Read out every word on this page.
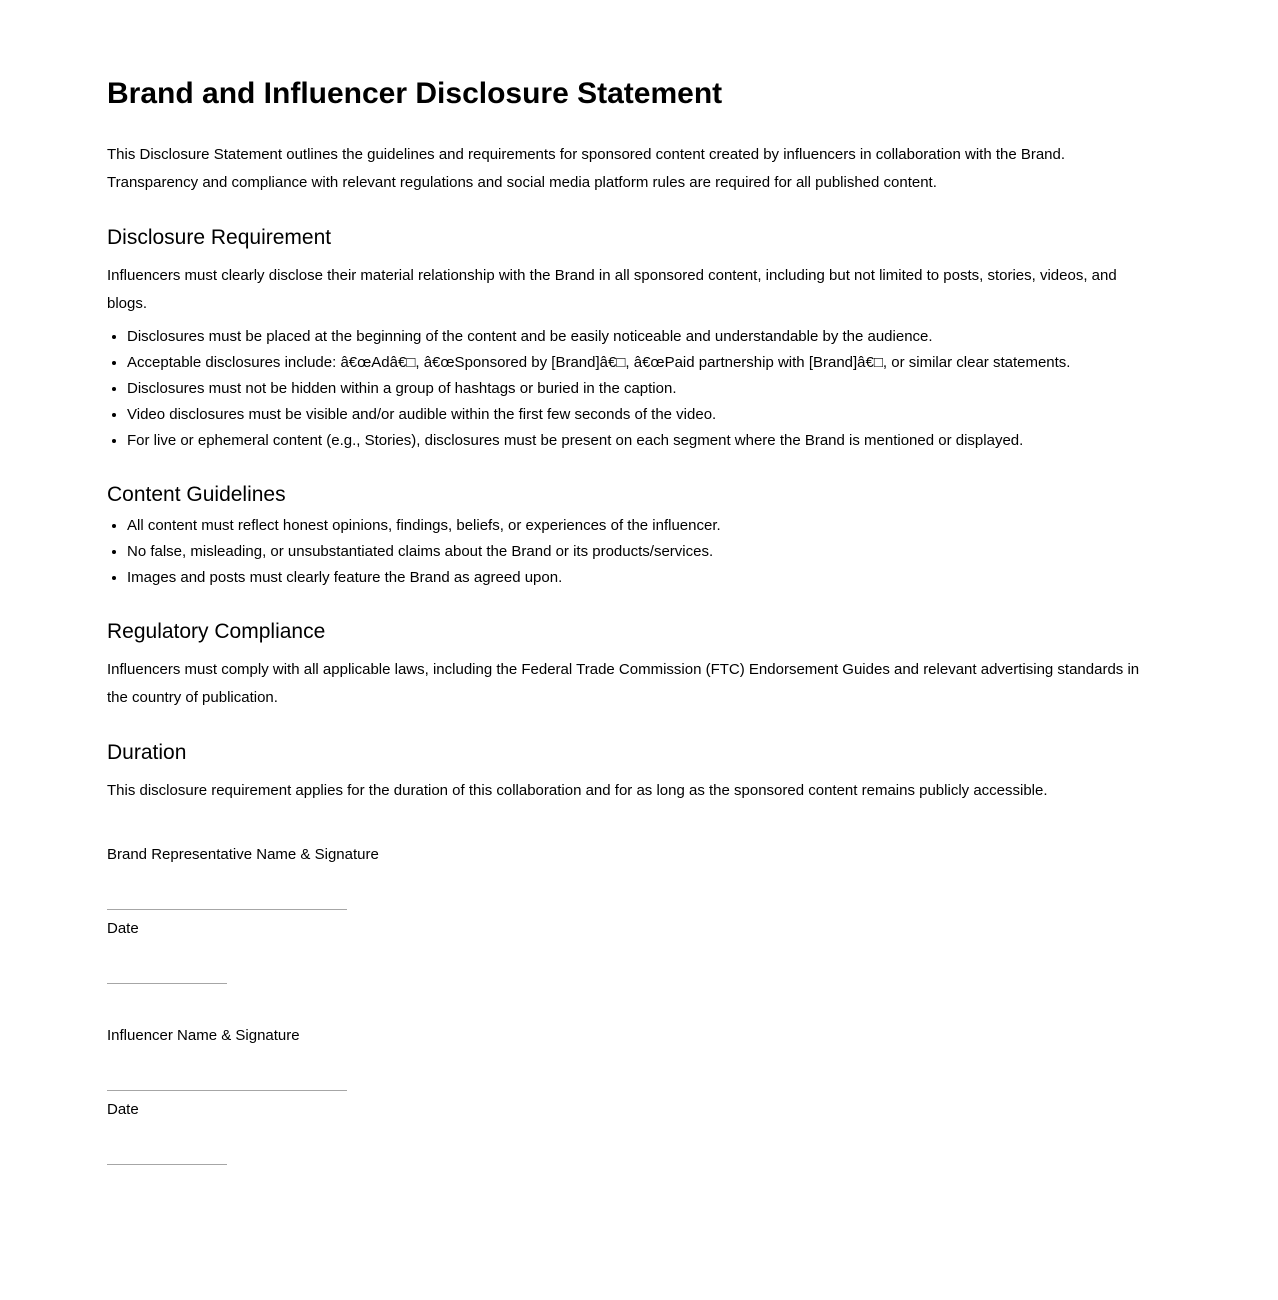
Brand and Influencer Disclosure Statement

This Disclosure Statement outlines the guidelines and requirements for sponsored content created by influencers in collaboration with the Brand. Transparency and compliance with relevant regulations and social media platform rules are required for all published content.

Disclosure Requirement

Influencers must clearly disclose their material relationship with the Brand in all sponsored content, including but not limited to posts, stories, videos, and blogs.

• Disclosures must be placed at the beginning of the content and be easily noticeable and understandable by the audience.
• Acceptable disclosures include: â€œAdâ€□, â€œSponsored by [Brand]â€□, â€œPaid partnership with [Brand]â€□, or similar clear statements.
• Disclosures must not be hidden within a group of hashtags or buried in the caption.
• Video disclosures must be visible and/or audible within the first few seconds of the video.
• For live or ephemeral content (e.g., Stories), disclosures must be present on each segment where the Brand is mentioned or displayed.
Content Guidelines
• All content must reflect honest opinions, findings, beliefs, or experiences of the influencer.
• No false, misleading, or unsubstantiated claims about the Brand or its products/services.
• Images and posts must clearly feature the Brand as agreed upon.
Regulatory Compliance

Influencers must comply with all applicable laws, including the Federal Trade Commission (FTC) Endorsement Guides and relevant advertising standards in the country of publication.

Duration

This disclosure requirement applies for the duration of this collaboration and for as long as the sponsored content remains publicly accessible.

Brand Representative Name & Signature

Date

Influencer Name & Signature

Date
